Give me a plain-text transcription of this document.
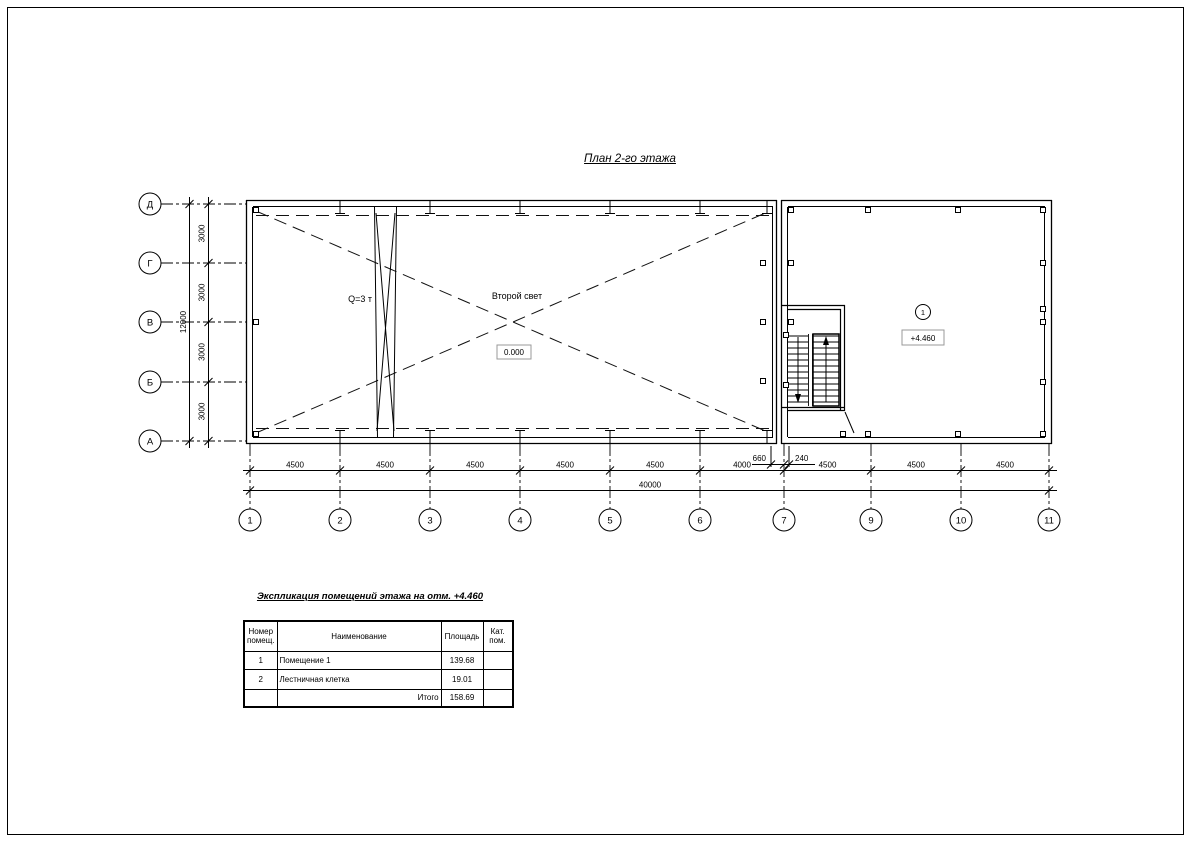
Q=3 т	Второй свет
660	240
40000
12000
4500	4500	4500	4500	4500	4000	4500	4500	4500
3000
3000
3000
3000
Д
Г
В
Б
А
1	2	3	4	5	6	7	9	10	11
0.000
1
+4.460
План 2-го этажа
Экспликация помещений этажа на отм. +4.460
Номер помещ.	Наименование	Площадь	Кат. пом.
1	Помещение 1	139.68	
2	Лестничная клетка	19.01	
	Итого	158.69	
